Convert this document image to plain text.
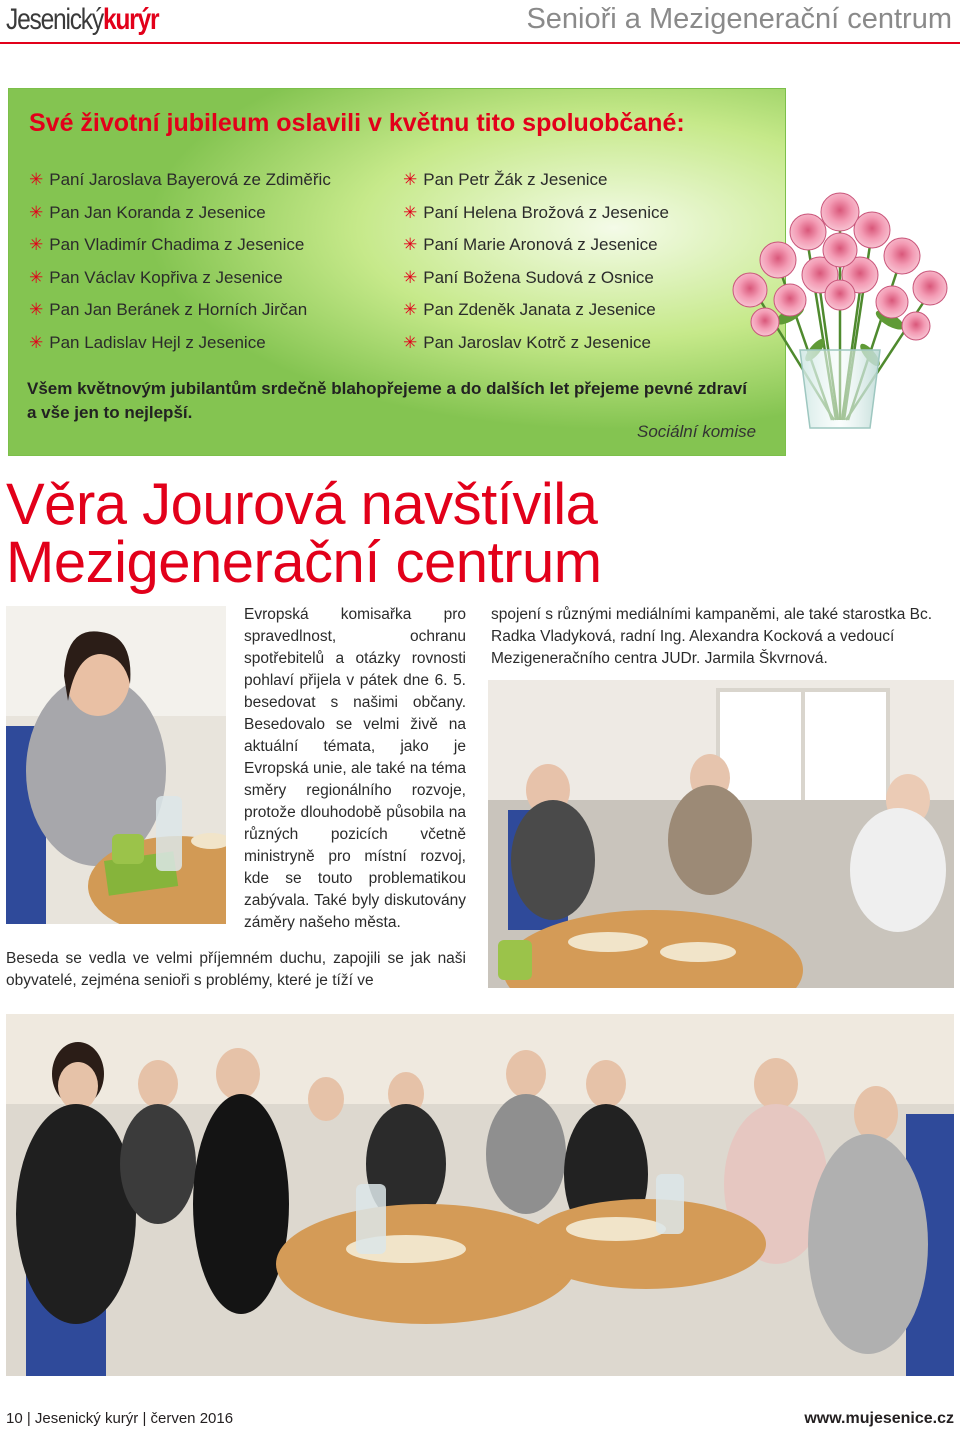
Jesenickýkurýr	Senioři a Mezigenerační centrum
Své životní jubileum oslavili v květnu tito spoluobčané:
✳ Paní Jaroslava Bayerová ze Zdiměřic
✳ Pan Jan Koranda z Jesenice
✳ Pan Vladimír Chadima z Jesenice
✳ Pan Václav Kopřiva z Jesenice
✳ Pan Jan Beránek z Horních Jirčan
✳ Pan Ladislav Hejl z Jesenice
✳ Pan Petr Žák z Jesenice
✳ Paní Helena Brožová z Jesenice
✳ Paní Marie Aronová z Jesenice
✳ Paní Božena Sudová z Osnice
✳ Pan Zdeněk Janata z Jesenice
✳ Pan Jaroslav Kotrč z Jesenice
Všem květnovým jubilantům srdečně blahopřejeme a do dalších let přejeme pevné zdraví a vše jen to nejlepší.
Sociální komise
Věra Jourová navštívila Mezigenerační centrum
Evropská komisařka pro spravedlnost, ochranu spotřebitelů a otázky rovnosti pohlaví přijela v pátek dne 6. 5. besedovat s našimi občany. Besedovalo se velmi živě na aktuální témata, jako je Evropská unie, ale také na téma směry regionálního rozvoje, protože dlouhodobě působila na různých pozicích včetně ministryně pro místní rozvoj, kde se touto problematikou zabývala. Také byly diskutovány záměry našeho města.
spojení s různými mediálními kampaněmi, ale také starostka Bc. Radka Vladyková, radní Ing. Alexandra Kocková a vedoucí Mezigeneračního centra JUDr. Jarmila Škvrnová.
Beseda se vedla ve velmi příjemném duchu, zapojili se jak naši obyvatelé, zejména senioři s problémy, které je tíží ve
10 | Jesenický kurýr | červen 2016	www.mujesenice.cz
